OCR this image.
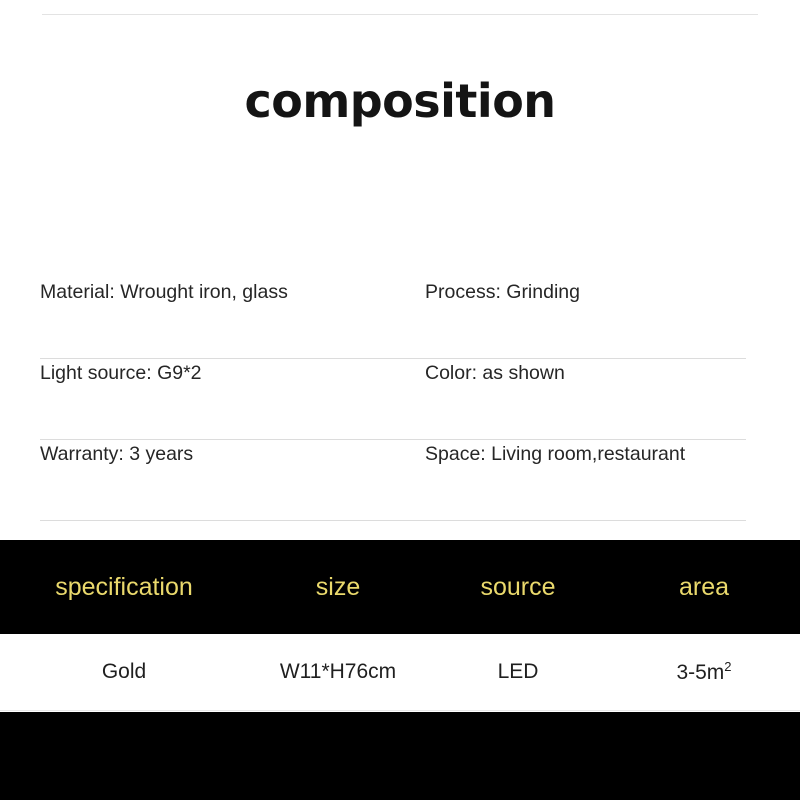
composition
Material: Wrought iron, glass	Process: Grinding
Light source: G9*2	Color: as shown
Warranty: 3 years	Space: Living room,restaurant
specification	size	source	area
Gold	W11*H76cm	LED	$3-5m^2$
